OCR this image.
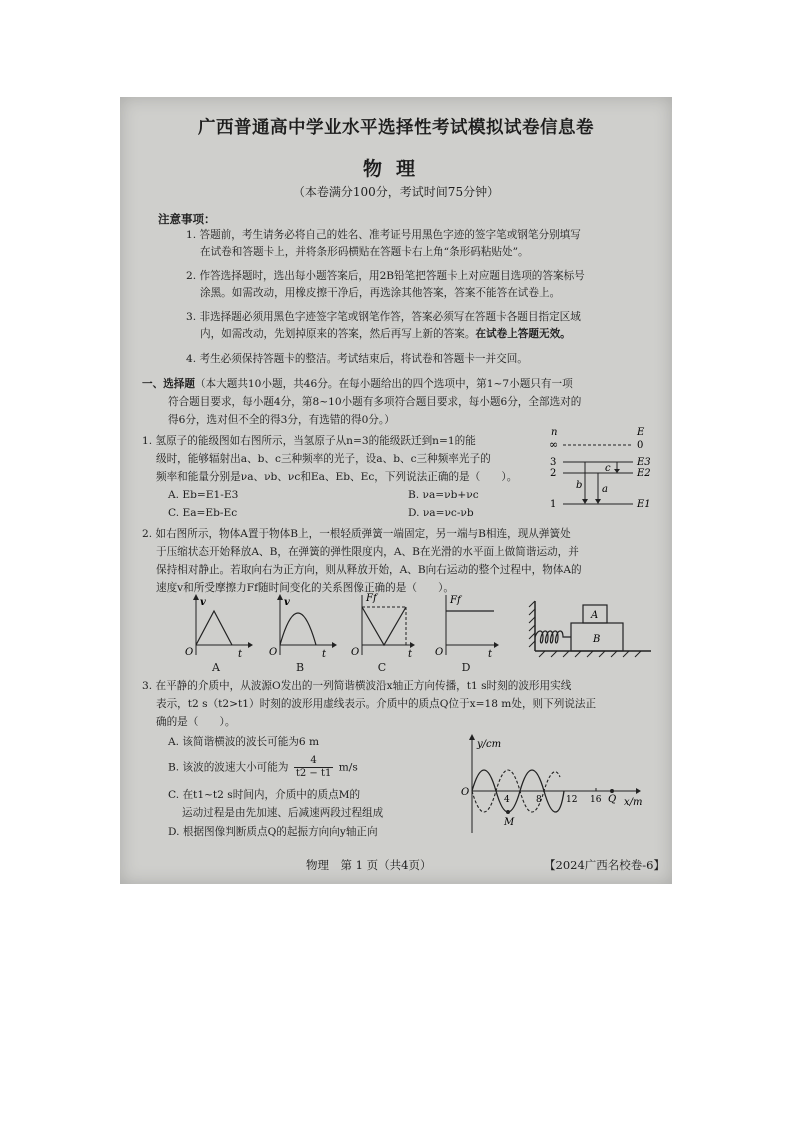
广西普通高中学业水平选择性考试模拟试卷信息卷
物理
（本卷满分100分，考试时间75分钟）
注意事项：
1. 答题前，考生请务必将自己的姓名、准考证号用黑色字迹的签字笔或钢笔分别填写
在试卷和答题卡上，并将条形码横贴在答题卡右上角“条形码粘贴处”。
2. 作答选择题时，选出每小题答案后，用2B铅笔把答题卡上对应题目选项的答案标号
涂黑。如需改动，用橡皮擦干净后，再选涂其他答案，答案不能答在试卷上。
3. 非选择题必须用黑色字迹签字笔或钢笔作答，答案必须写在答题卡各题目指定区域
内，如需改动，先划掉原来的答案，然后再写上新的答案。在试卷上答题无效。
4. 考生必须保持答题卡的整洁。考试结束后，将试卷和答题卡一并交回。
一、选择题（本大题共10小题，共46分。在每小题给出的四个选项中，第1~7小题只有一项
符合题目要求，每小题4分，第8~10小题有多项符合题目要求，每小题6分，全部选对的
得6分，选对但不全的得3分，有选错的得0分。）
1. 氢原子的能级图如右图所示，当氢原子从n=3的能级跃迁到n=1的能
级时，能够辐射出a、b、c三种频率的光子，设a、b、c三种频率光子的
频率和能量分别是νa、νb、νc和Ea、Eb、Ec，下列说法正确的是（　　）。
A. Eb=E1-E3	B. νa=νb+νc
C. Ea=Eb-Ec	D. νa=νc-νb
n	E
∞	0
3	E3
2	E2
1	E1
c
b a
2. 如右图所示，物体A置于物体B上，一根轻质弹簧一端固定，另一端与B相连，现从弹簧处
于压缩状态开始释放A、B，在弹簧的弹性限度内，A、B在光滑的水平面上做简谐运动，并
保持相对静止。若取向右为正方向，则从释放开始，A、B向右运动的整个过程中，物体A的
速度v和所受摩擦力Ff随时间变化的关系图像正确的是（　　）。
v
O	t
A
v
O	t
B
Ff
O	t
C
Ff
O	t
D
A
B
3. 在平静的介质中，从波源O发出的一列简谐横波沿x轴正方向传播，t1 s时刻的波形用实线
表示，t2 s（t2>t1）时刻的波形用虚线表示。介质中的质点Q位于x=18 m处，则下列说法正
确的是（　　）。
A. 该简谐横波的波长可能为6 m
B. 该波的波速大小可能为 $\frac{4}{t2 - t1} m/s$
C. 在t1~t2 s时间内，介质中的质点M的
运动过程是由先加速、后减速两段过程组成
D. 根据图像判断质点Q的起振方向向y轴正向
y/cm
x/m
O
4	8	12 16 Q
M
物理　第 1 页（共4页）	【2024广西名校卷-6】
